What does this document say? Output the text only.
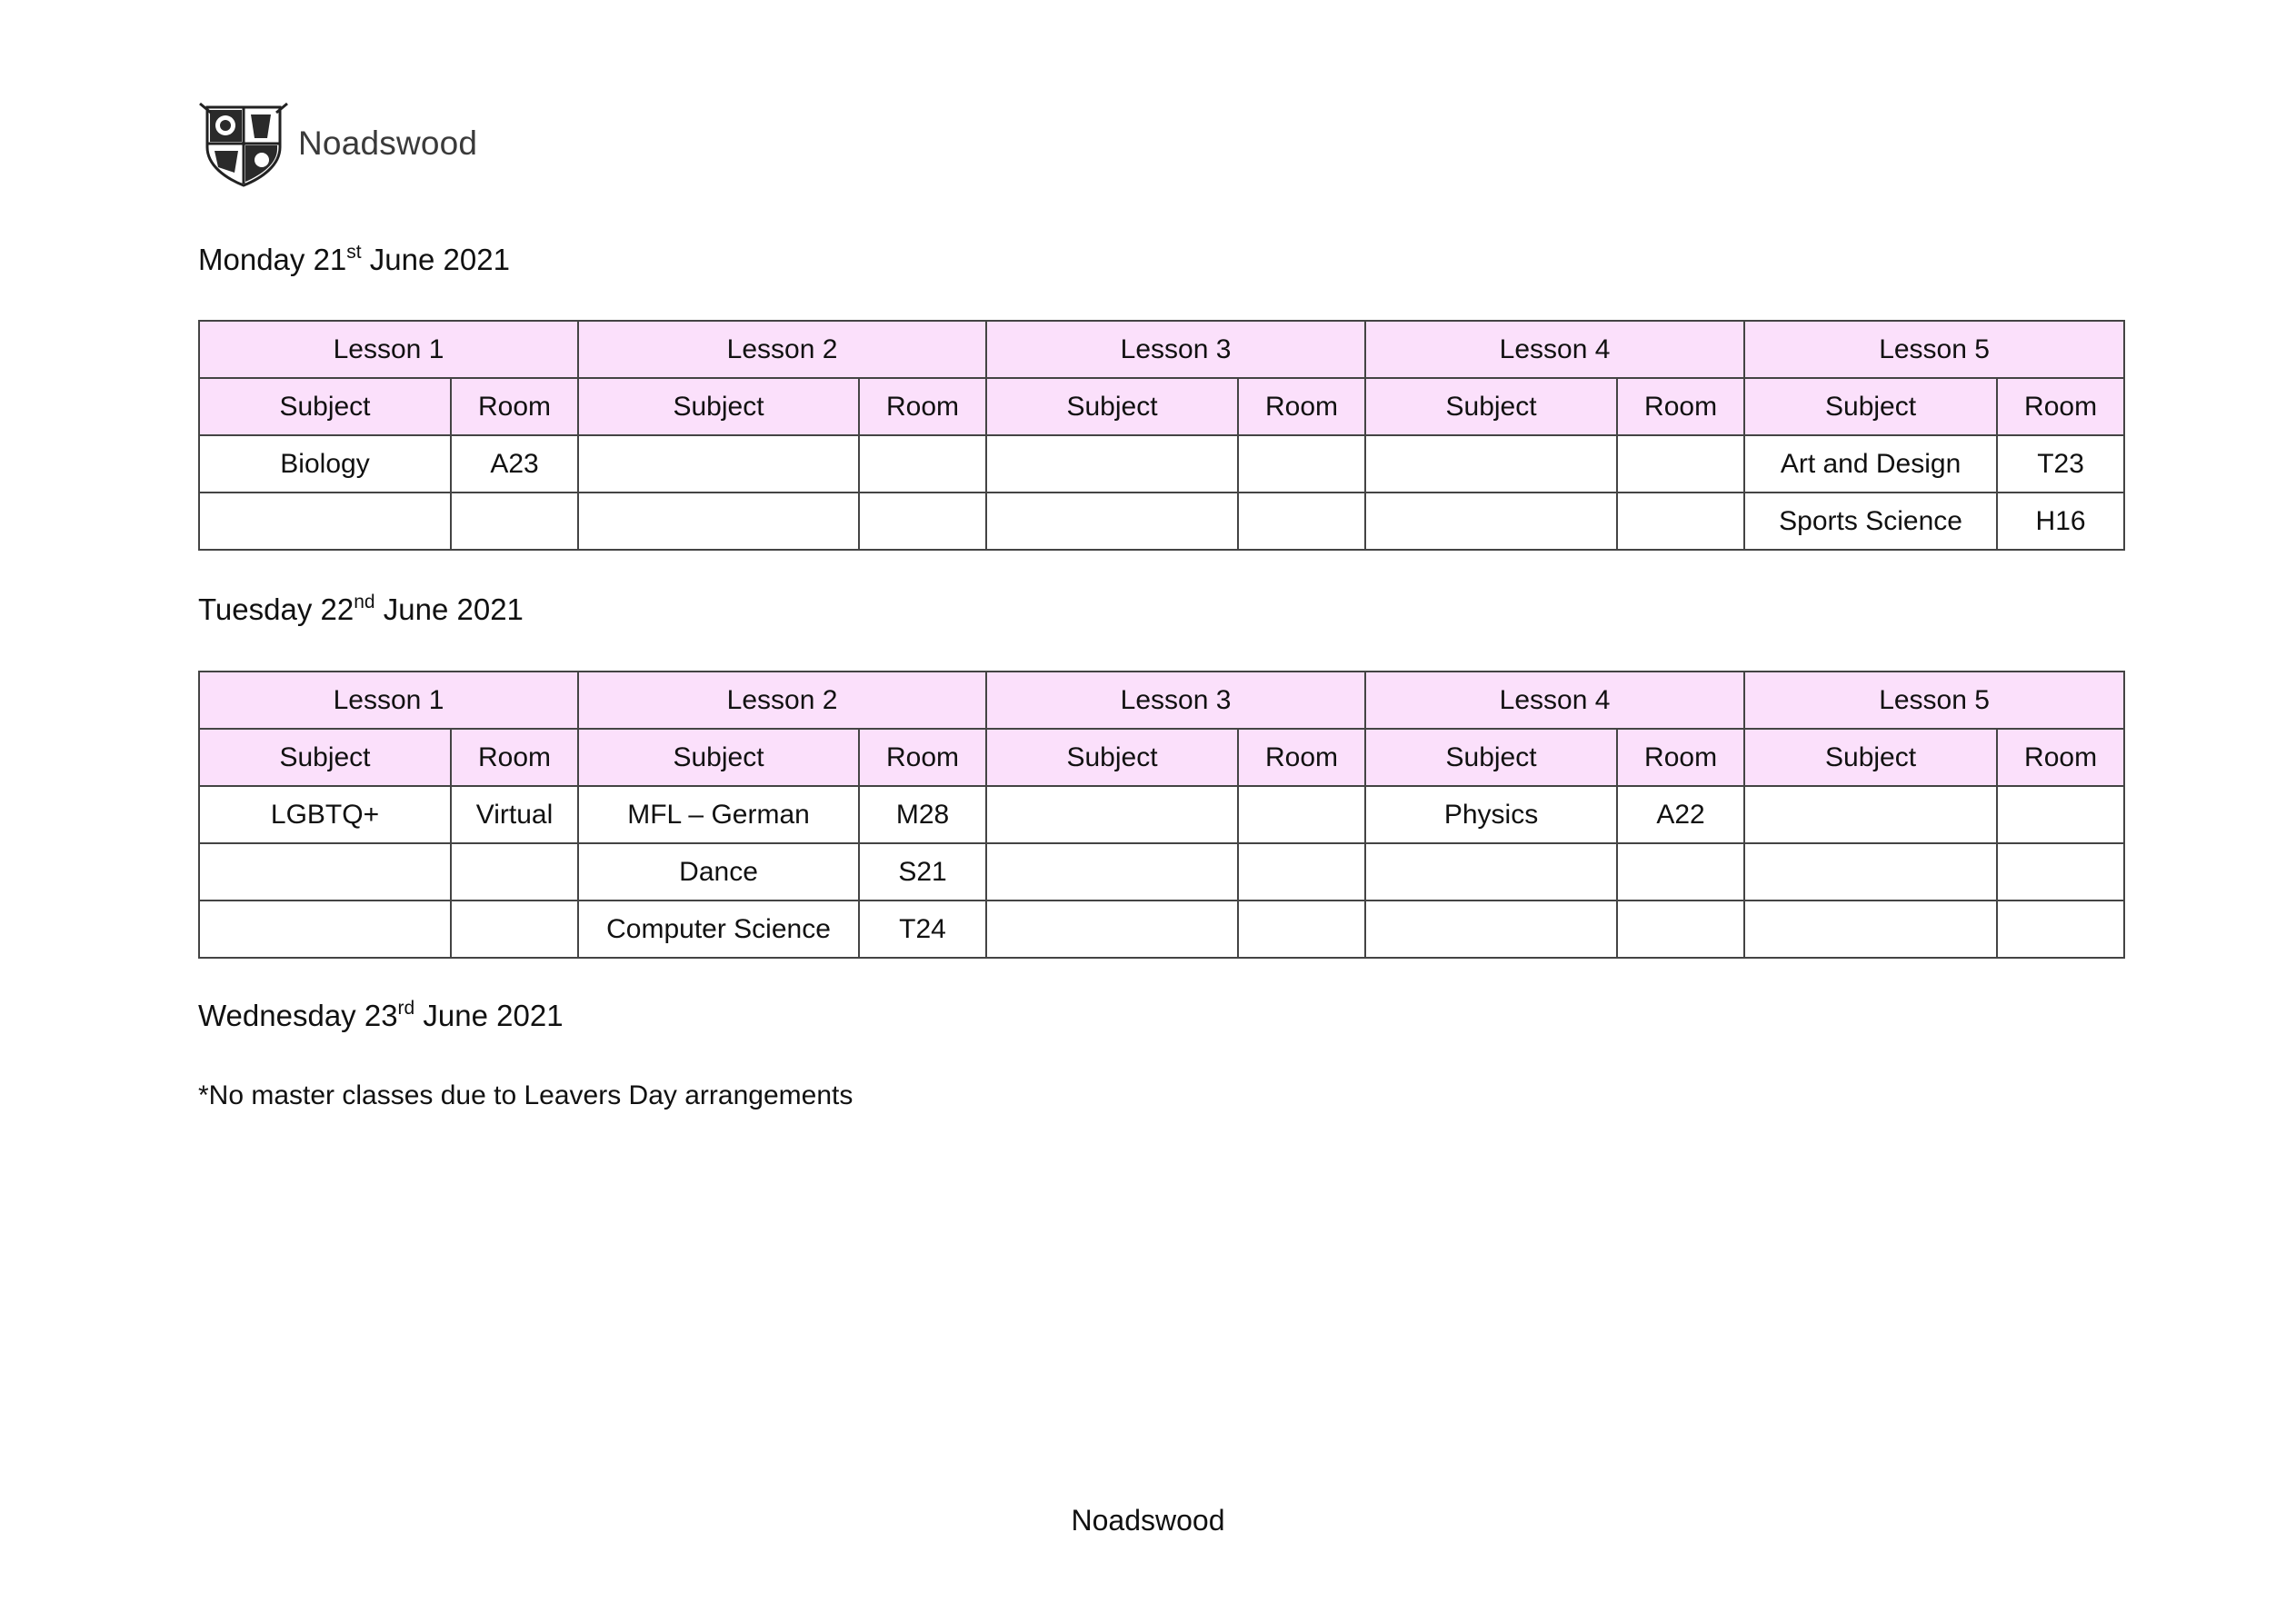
Noadswood
Monday 21st June 2021
Lesson 1		Lesson 2		Lesson 3		Lesson 4		Lesson 5	
Subject	Room	Subject	Room	Subject	Room	Subject	Room	Subject	Room
Biology	A23							Art and Design	T23
								Sports Science	H16
Tuesday 22nd June 2021
Lesson 1		Lesson 2		Lesson 3		Lesson 4		Lesson 5	
Subject	Room	Subject	Room	Subject	Room	Subject	Room	Subject	Room
LGBTQ+	Virtual	MFL – German	M28			Physics	A22		
		Dance	S21						
		Computer Science	T24						
Wednesday 23rd June 2021
*No master classes due to Leavers Day arrangements
Noadswood
